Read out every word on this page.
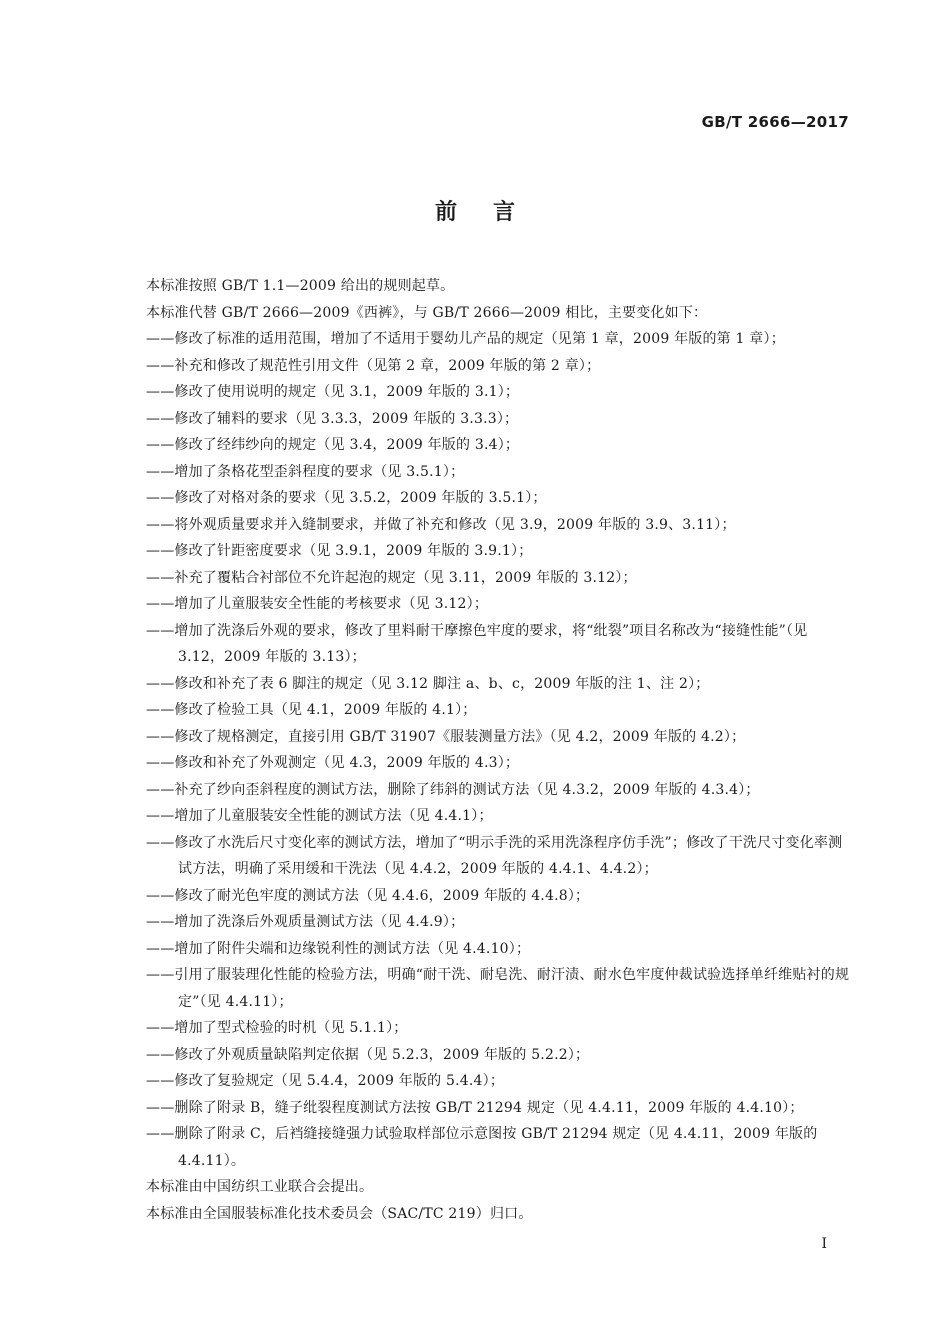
GB/T 2666—2017
前言
本标准按照 GB/T 1.1—2009 给出的规则起草。
本标准代替 GB/T 2666—2009《西裤》，与 GB/T 2666—2009 相比，主要变化如下：
——修改了标准的适用范围，增加了不适用于婴幼儿产品的规定（见第 1 章，2009 年版的第 1 章）；
——补充和修改了规范性引用文件（见第 2 章，2009 年版的第 2 章）；
——修改了使用说明的规定（见 3.1，2009 年版的 3.1）；
——修改了辅料的要求（见 3.3.3，2009 年版的 3.3.3）；
——修改了经纬纱向的规定（见 3.4，2009 年版的 3.4）；
——增加了条格花型歪斜程度的要求（见 3.5.1）；
——修改了对格对条的要求（见 3.5.2，2009 年版的 3.5.1）；
——将外观质量要求并入缝制要求，并做了补充和修改（见 3.9，2009 年版的 3.9、3.11）；
——修改了针距密度要求（见 3.9.1，2009 年版的 3.9.1）；
——补充了覆粘合衬部位不允许起泡的规定（见 3.11，2009 年版的 3.12）；
——增加了儿童服装安全性能的考核要求（见 3.12）；
——增加了洗涤后外观的要求，修改了里料耐干摩擦色牢度的要求，将“纰裂”项目名称改为“接缝性能”（见 3.12，2009 年版的 3.13）；
——修改和补充了表 6 脚注的规定（见 3.12 脚注 a、b、c，2009 年版的注 1、注 2）；
——修改了检验工具（见 4.1，2009 年版的 4.1）；
——修改了规格测定，直接引用 GB/T 31907《服装测量方法》（见 4.2，2009 年版的 4.2）；
——修改和补充了外观测定（见 4.3，2009 年版的 4.3）；
——补充了纱向歪斜程度的测试方法，删除了纬斜的测试方法（见 4.3.2，2009 年版的 4.3.4）；
——增加了儿童服装安全性能的测试方法（见 4.4.1）；
——修改了水洗后尺寸变化率的测试方法，增加了“明示手洗的采用洗涤程序仿手洗”；修改了干洗尺寸变化率测试方法，明确了采用缓和干洗法（见 4.4.2，2009 年版的 4.4.1、4.4.2）；
——修改了耐光色牢度的测试方法（见 4.4.6，2009 年版的 4.4.8）；
——增加了洗涤后外观质量测试方法（见 4.4.9）；
——增加了附件尖端和边缘锐利性的测试方法（见 4.4.10）；
——引用了服装理化性能的检验方法，明确“耐干洗、耐皂洗、耐汗渍、耐水色牢度仲裁试验选择单纤维贴衬的规定”（见 4.4.11）；
——增加了型式检验的时机（见 5.1.1）；
——修改了外观质量缺陷判定依据（见 5.2.3，2009 年版的 5.2.2）；
——修改了复验规定（见 5.4.4，2009 年版的 5.4.4）；
——删除了附录 B，缝子纰裂程度测试方法按 GB/T 21294 规定（见 4.4.11，2009 年版的 4.4.10）；
——删除了附录 C，后裆缝接缝强力试验取样部位示意图按 GB/T 21294 规定（见 4.4.11，2009 年版的 4.4.11）。
本标准由中国纺织工业联合会提出。
本标准由全国服装标准化技术委员会（SAC/TC 219）归口。
I
